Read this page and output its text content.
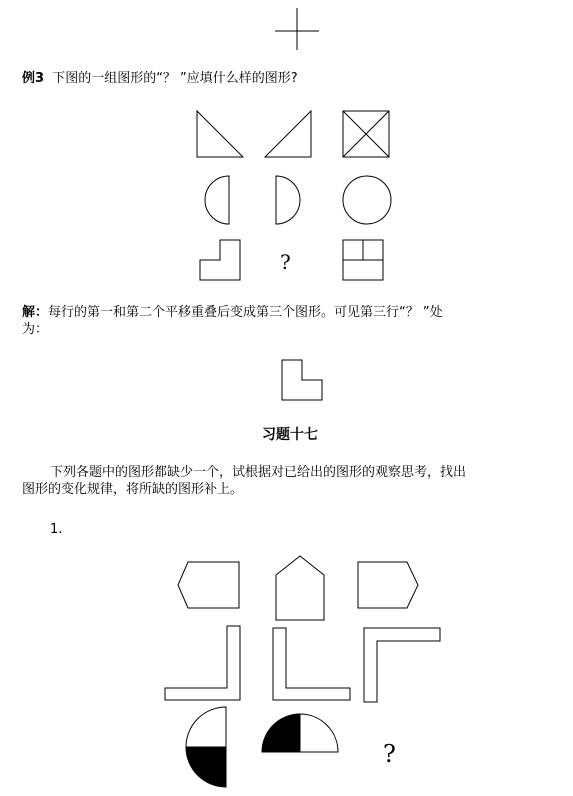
例3 下图的一组图形的“？ ”应填什么样的图形?
?
解：每行的第一和第二个平移重叠后变成第三个图形。可见第三行“？ ”处
为：
习题十七
下列各题中的图形都缺少一个，试根据对已给出的图形的观察思考，找出
图形的变化规律，将所缺的图形补上。
1.
?
